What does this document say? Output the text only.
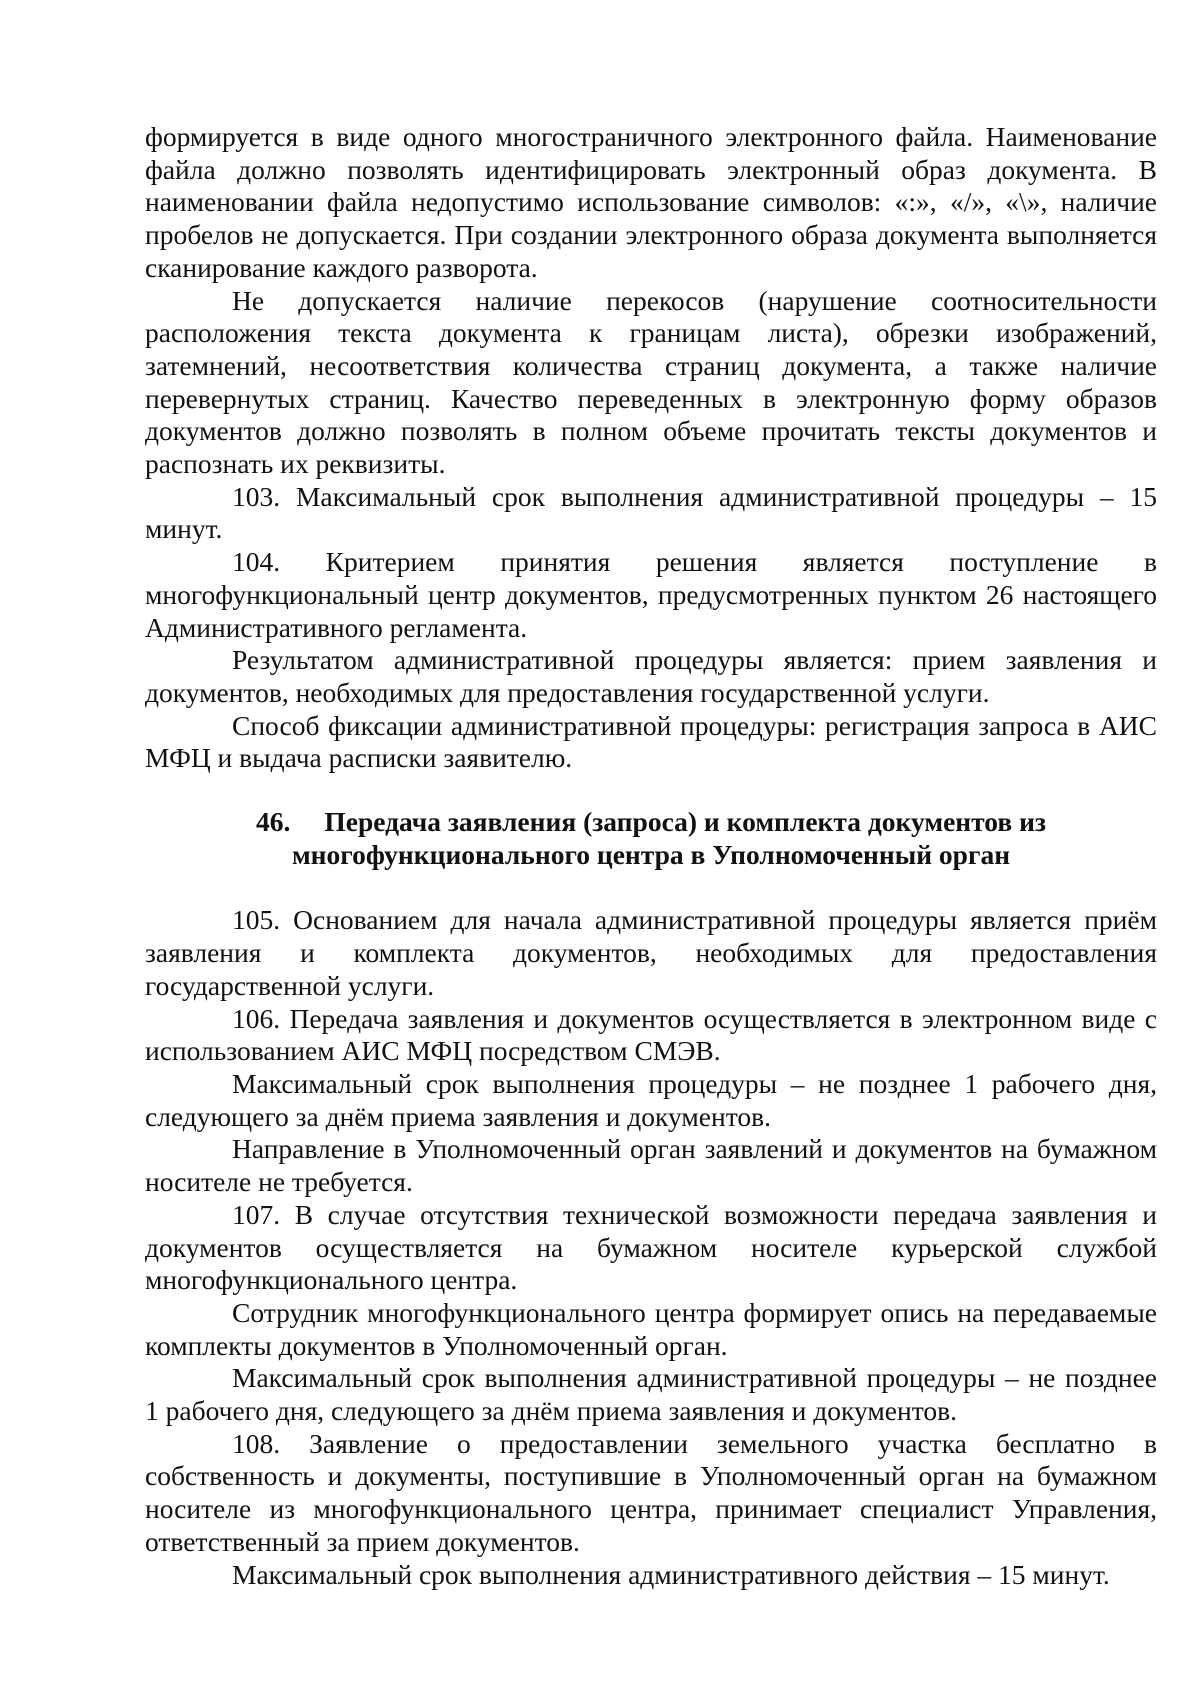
формируется в виде одного многостраничного электронного файла. Наименование файла должно позволять идентифицировать электронный образ документа. В наименовании файла недопустимо использование символов: «:», «/», «\», наличие пробелов не допускается. При создании электронного образа документа выполняется сканирование каждого разворота.

Не допускается наличие перекосов (нарушение соотносительности расположения текста документа к границам листа), обрезки изображений, затемнений, несоответствия количества страниц документа, а также наличие перевернутых страниц. Качество переведенных в электронную форму образов документов должно позволять в полном объеме прочитать тексты документов и распознать их реквизиты.

103. Максимальный срок выполнения административной процедуры – 15 минут.

104. Критерием принятия решения является поступление в многофункциональный центр документов, предусмотренных пунктом 26 настоящего Административного регламента.

Результатом административной процедуры является: прием заявления и документов, необходимых для предоставления государственной услуги.

Способ фиксации административной процедуры: регистрация запроса в АИС МФЦ и выдача расписки заявителю.

46. Передача заявления (запроса) и комплекта документов из
многофункционального центра в Уполномоченный орган

105. Основанием для начала административной процедуры является приём заявления и комплекта документов, необходимых для предоставления государственной услуги.

106. Передача заявления и документов осуществляется в электронном виде с использованием АИС МФЦ посредством СМЭВ.

Максимальный срок выполнения процедуры – не позднее 1 рабочего дня, следующего за днём приема заявления и документов.

Направление в Уполномоченный орган заявлений и документов на бумажном носителе не требуется.

107. В случае отсутствия технической возможности передача заявления и документов осуществляется на бумажном носителе курьерской службой многофункционального центра.

Сотрудник многофункционального центра формирует опись на передаваемые комплекты документов в Уполномоченный орган.

Максимальный срок выполнения административной процедуры – не позднее 1 рабочего дня, следующего за днём приема заявления и документов.

108. Заявление о предоставлении земельного участка бесплатно в собственность и документы, поступившие в Уполномоченный орган на бумажном носителе из многофункционального центра, принимает специалист Управления, ответственный за прием документов.

Максимальный срок выполнения административного действия – 15 минут.
